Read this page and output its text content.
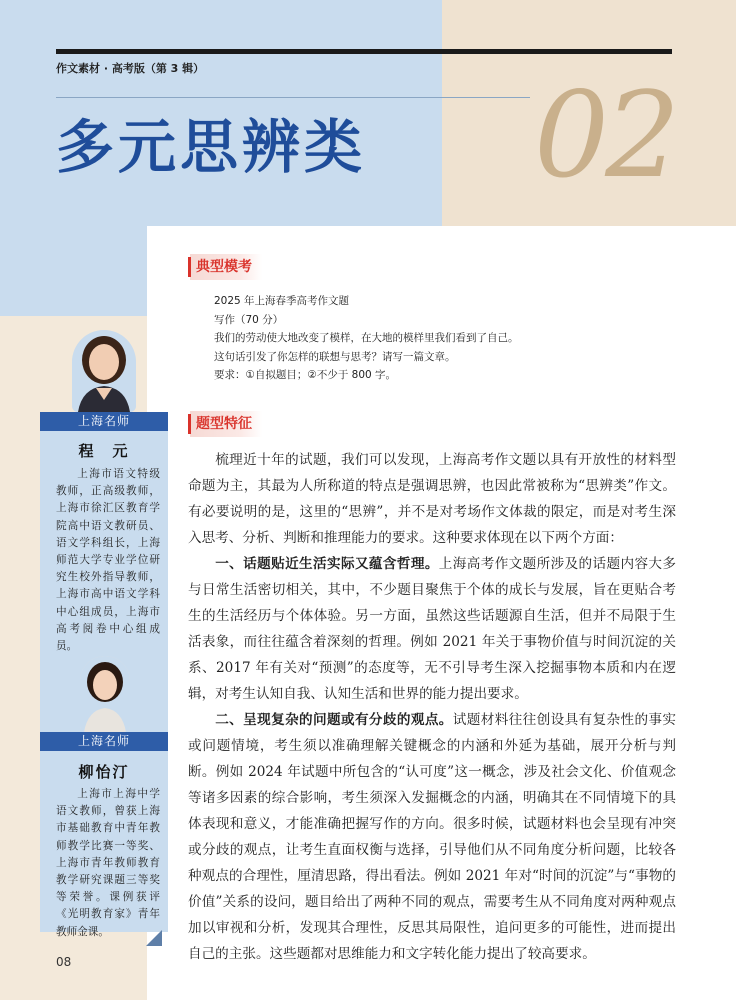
作文素材 · 高考版（第 3 辑）
多元思辨类 02
典型模考
2025 年上海春季高考作文题
写作（70 分）
我们的劳动使大地改变了模样，在大地的模样里我们看到了自己。
这句话引发了你怎样的联想与思考？请写一篇文章。
要求：①自拟题目；②不少于 800 字。
题型特征

梳理近十年的试题，我们可以发现，上海高考作文题以具有开放性的材料型命题为主，其最为人所称道的特点是强调思辨，也因此常被称为“思辨类”作文。有必要说明的是，这里的“思辨”，并不是对考场作文体裁的限定，而是对考生深入思考、分析、判断和推理能力的要求。这种要求体现在以下两个方面：

一、话题贴近生活实际又蕴含哲理。上海高考作文题所涉及的话题内容大多与日常生活密切相关，其中，不少题目聚焦于个体的成长与发展，旨在更贴合考生的生活经历与个体体验。另一方面，虽然这些话题源自生活，但并不局限于生活表象，而往往蕴含着深刻的哲理。例如 2021 年关于事物价值与时间沉淀的关系、2017 年有关对“预测”的态度等，无不引导考生深入挖掘事物本质和内在逻辑，对考生认知自我、认知生活和世界的能力提出要求。

二、呈现复杂的问题或有分歧的观点。试题材料往往创设具有复杂性的事实或问题情境，考生须以准确理解关键概念的内涵和外延为基础，展开分析与判断。例如 2024 年试题中所包含的“认可度”这一概念，涉及社会文化、价值观念等诸多因素的综合影响，考生须深入发掘概念的内涵，明确其在不同情境下的具体表现和意义，才能准确把握写作的方向。很多时候，试题材料也会呈现有冲突或分歧的观点，让考生直面权衡与选择，引导他们从不同角度分析问题，比较各种观点的合理性，厘清思路，得出看法。例如 2021 年对“时间的沉淀”与“事物的价值”关系的设问，题目给出了两种不同的观点，需要考生从不同角度对两种观点加以审视和分析，发现其合理性，反思其局限性，追问更多的可能性，进而提出自己的主张。这些题都对思维能力和文字转化能力提出了较高要求。

上海名师
程　元

上海市语文特级教师，正高级教师，上海市徐汇区教育学院高中语文教研员、语文学科组长，上海师范大学专业学位研究生校外指导教师，上海市高中语文学科中心组成员，上海市高考阅卷中心组成员。

上海名师
柳怡汀

上海市上海中学语文教师，曾获上海市基础教育中青年教师教学比赛一等奖、上海市青年教师教育教学研究课题三等奖等荣誉。课例获评《光明教育家》青年教师金课。

08
